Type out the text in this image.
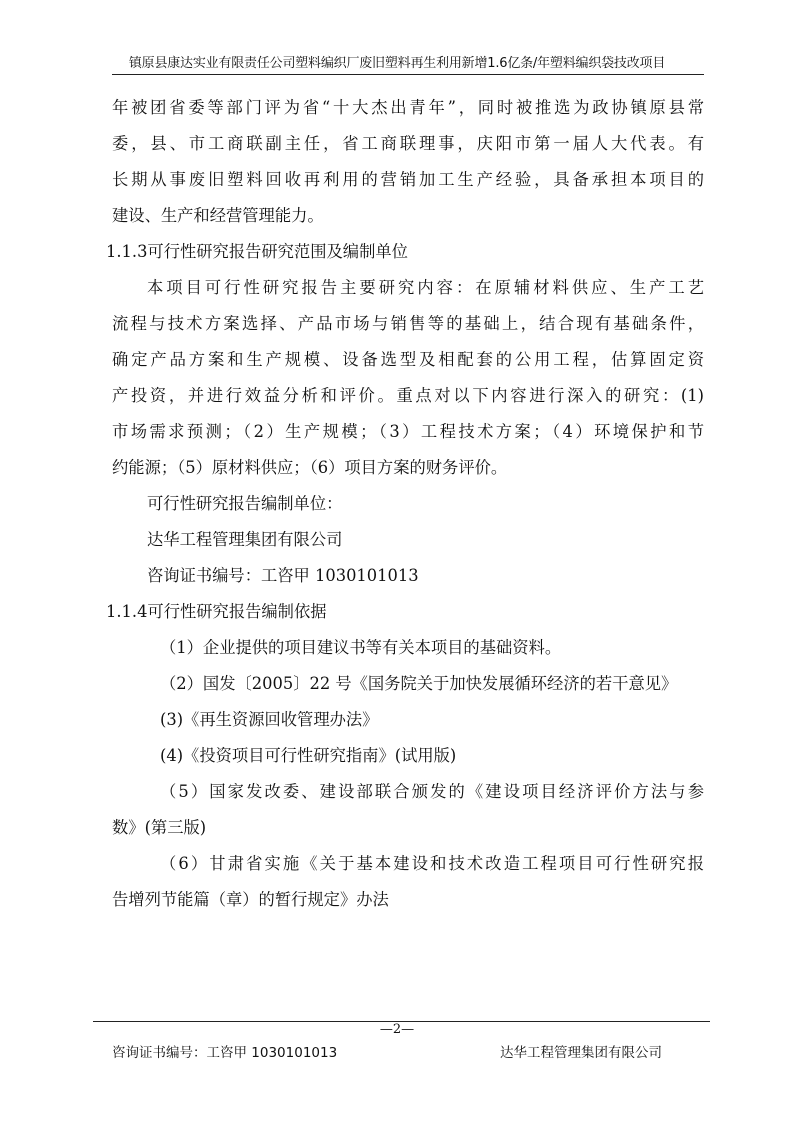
镇原县康达实业有限责任公司塑料编织厂废旧塑料再生利用新增1.6亿条/年塑料编织袋技改项目
年被团省委等部门评为省“十大杰出青年”，同时被推选为政协镇原县常
委，县、市工商联副主任，省工商联理事，庆阳市第一届人大代表。有
长期从事废旧塑料回收再利用的营销加工生产经验，具备承担本项目的
建设、生产和经营管理能力。
1.1.3可行性研究报告研究范围及编制单位
本项目可行性研究报告主要研究内容：在原辅材料供应、生产工艺
流程与技术方案选择、产品市场与销售等的基础上，结合现有基础条件，
确定产品方案和生产规模、设备选型及相配套的公用工程，估算固定资
产投资，并进行效益分析和评价。重点对以下内容进行深入的研究：(1)
市场需求预测；（2）生产规模；（3）工程技术方案；（4）环境保护和节
约能源；（5）原材料供应；（6）项目方案的财务评价。
可行性研究报告编制单位：
达华工程管理集团有限公司
咨询证书编号：工咨甲 1030101013
1.1.4可行性研究报告编制依据
（1）企业提供的项目建议书等有关本项目的基础资料。
（2）国发〔2005〕22 号《国务院关于加快发展循环经济的若干意见》
(3)《再生资源回收管理办法》
(4)《投资项目可行性研究指南》(试用版)
（5）国家发改委、建设部联合颁发的《建设项目经济评价方法与参
数》(第三版)
（6）甘肃省实施《关于基本建设和技术改造工程项目可行性研究报
告增列节能篇（章）的暂行规定》办法
—2—
咨询证书编号：工咨甲 1030101013	达华工程管理集团有限公司
